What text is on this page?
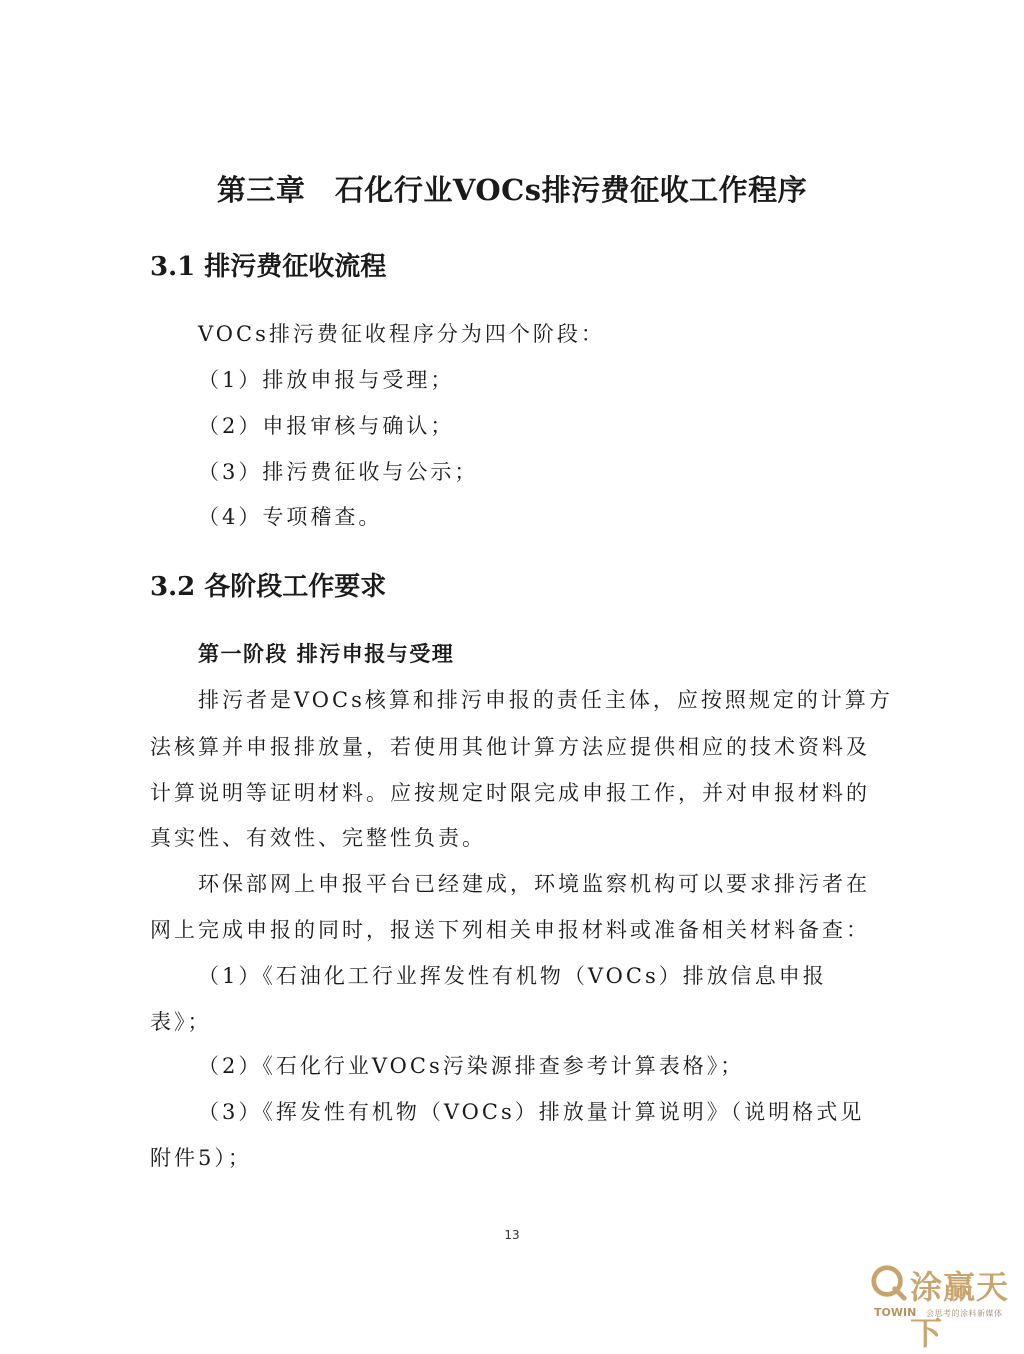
第三章　石化行业VOCs排污费征收工作程序
3.1 排污费征收流程

VOCs排污费征收程序分为四个阶段：

（1）排放申报与受理；

（2）申报审核与确认；

（3）排污费征收与公示；

（4）专项稽查。

3.2 各阶段工作要求
第一阶段 排污申报与受理

排污者是VOCs核算和排污申报的责任主体，应按照规定的计算方

法核算并申报排放量，若使用其他计算方法应提供相应的技术资料及

计算说明等证明材料。应按规定时限完成申报工作，并对申报材料的

真实性、有效性、完整性负责。

环保部网上申报平台已经建成，环境监察机构可以要求排污者在

网上完成申报的同时，报送下列相关申报材料或准备相关材料备查：

（1）《石油化工行业挥发性有机物（VOCs）排放信息申报

表》；

（2）《石化行业VOCs污染源排查参考计算表格》；

（3）《挥发性有机物（VOCs）排放量计算说明》（说明格式见

附件5）；

13
涂赢天下
TOWIN 会思考的涂料新媒体
